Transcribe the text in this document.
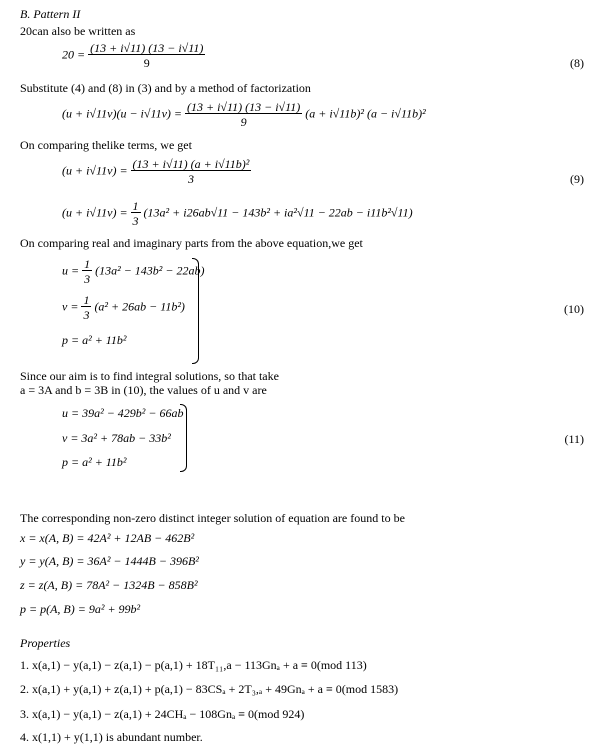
B. Pattern II
20can also be written as
$20 = \frac{(13 + i√11) (13 - i√11)}{9}$	(8)
Substitute (4) and (8) in (3) and by a method of factorization
$(u + i√11v)(u - i√11v) = \frac{(13 + i√11) (13 - i√11)}{9} (a + i√11b)^2$ (a − i√11b)²
On comparing thelike terms, we get
$(u + i√11v) = \frac{\text{(13 + i√11) (a + i√11b)²}}{3}$	(9)
$(u + i√11v) = \frac{1}{3} (13a^2 + i26ab√11 - 143b^2 + ia^2√11 - 22ab - i11b^2√11)$
On comparing real and imaginary parts from the above equation,we get
$u = \frac{1}{3} (13a^2 - 143b^2 - 22ab)$
$v = \frac{1}{3} (a^2 + 26ab - 11b^2)$
p = a² + 11b²
(10)
Since our aim is to find integral solutions, so that take
a = 3A and b = 3B in (10), the values of u and v are
u = 39a² − 429b² − 66ab
v = 3a² + 78ab − 33b²
p = a² + 11b²
(11)
The corresponding non-zero distinct integer solution of equation are found to be
x = x(A, B) = 42A² + 12AB − 462B²
y = y(A, B) = 36A² − 1444B − 396B²
z = z(A, B) = 78A² − 1324B − 858B²
p = p(A, B) = 9a² + 99b²
Properties
1. x(a,1) − y(a,1) − z(a,1) − p(a,1) + 18T₁₁,a − 113Gnₐ + a ≡ 0(mod 113)
2. x(a,1) + y(a,1) + z(a,1) + p(a,1) − 83CSₐ + 2T₃,ₐ + 49Gnₐ + a ≡ 0(mod 1583)
3. x(a,1) − y(a,1) − z(a,1) + 24CHₐ − 108Gnₐ ≡ 0(mod 924)
4. x(1,1) + y(1,1) is abundant number.
